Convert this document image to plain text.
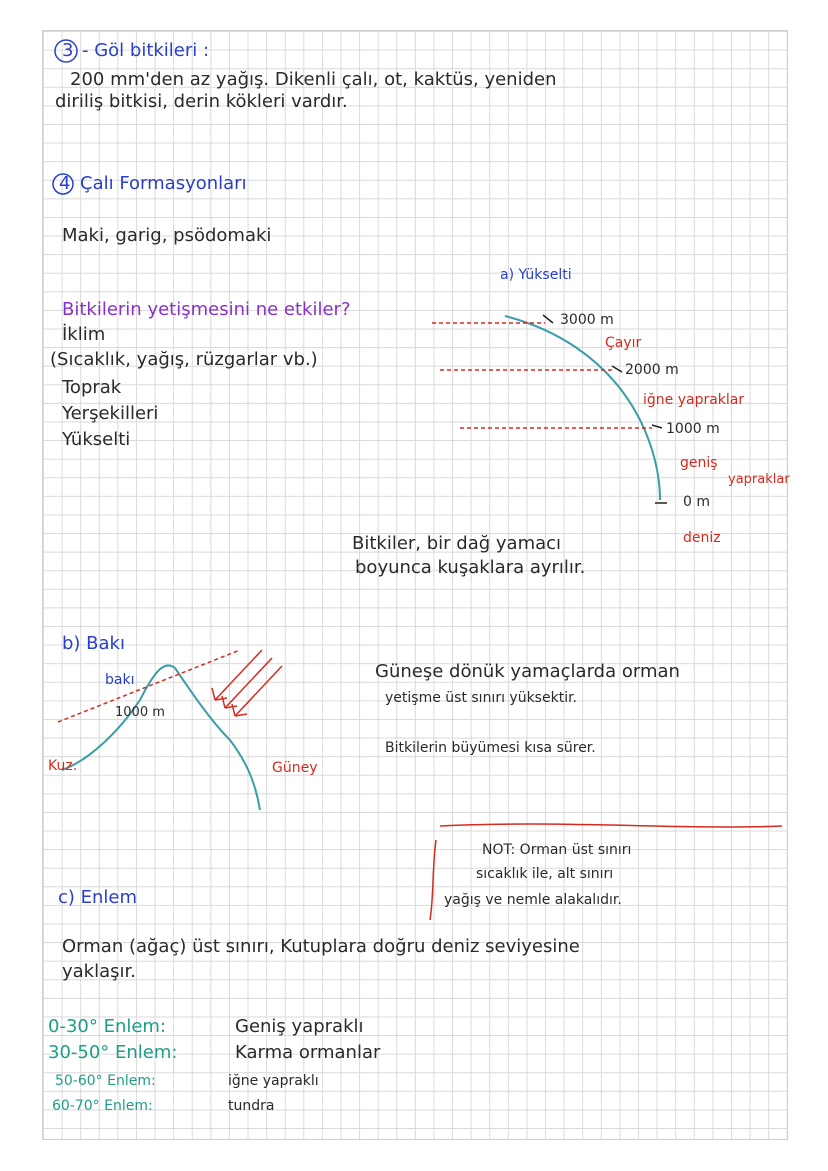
3 - Göl bitkileri :
200 mm'den az yağış. Dikenli çalı, ot, kaktüs, yeniden
diriliş bitkisi, derin kökleri vardır.
4 Çalı Formasyonları
Maki, garig, psödomaki
a) Yükselti
Bitkilerin yetişmesini ne etkiler?
İklim
(Sıcaklık, yağış, rüzgarlar vb.)
Toprak
Yerşekilleri
Yükselti
3000 m
Çayır
2000 m
iğne yapraklar
1000 m
geniş
yapraklar
0 m
deniz
Bitkiler, bir dağ yamacı
boyunca kuşaklara ayrılır.
b) Bakı
bakı
1000 m
Kuz.	Güney
Güneşe dönük yamaçlarda orman
yetişme üst sınırı yüksektir.
Bitkilerin büyümesi kısa sürer.
NOT: Orman üst sınırı
sıcaklık ile, alt sınırı
yağış ve nemle alakalıdır.
c) Enlem
Orman (ağaç) üst sınırı, Kutuplara doğru deniz seviyesine
yaklaşır.
0-30° Enlem:	Geniş yapraklı
30-50° Enlem:	Karma ormanlar
50-60° Enlem:	iğne yapraklı
60-70° Enlem:	tundra
